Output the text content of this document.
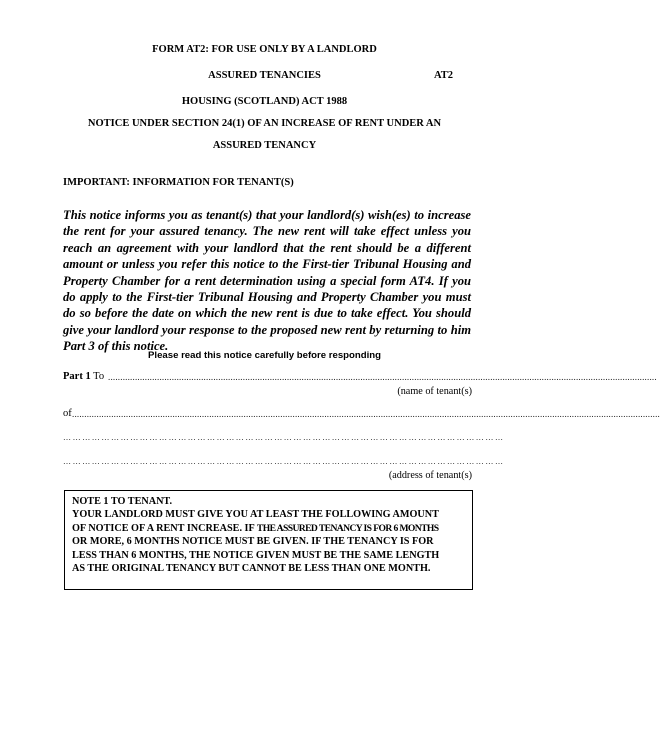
FORM AT2: FOR USE ONLY BY A LANDLORD
ASSURED TENANCIES	AT2
HOUSING (SCOTLAND) ACT 1988
NOTICE UNDER SECTION 24(1) OF AN INCREASE OF RENT UNDER AN
ASSURED TENANCY
IMPORTANT: INFORMATION FOR TENANT(S)
This notice informs you as tenant(s) that your landlord(s) wish(es) to increase the rent for your assured tenancy. The new rent will take effect unless you reach an agreement with your landlord that the rent should be a different amount or unless you refer this notice to the First-tier Tribunal Housing and Property Chamber for a rent determination using a special form AT4. If you do apply to the First-tier Tribunal Housing and Property Chamber you must do so before the date on which the new rent is due to take effect. You should give your landlord your response to the proposed new rent by returning to him Part 3 of this notice.
Please read this notice carefully before responding
Part 1 To ................................................................................................................................................................................................................................
(name of tenant(s)
of ................................................................................................................................................................................................................................................
…………………………………………………………………………………………………………………………
…………………………………………………………………………………………………………………………
(address of tenant(s)
NOTE 1 TO TENANT.
YOUR LANDLORD MUST GIVE YOU AT LEAST THE FOLLOWING AMOUNT
OF NOTICE OF A RENT INCREASE. IF THE ASSURED TENANCY IS FOR 6 MONTHS
OR MORE, 6 MONTHS NOTICE MUST BE GIVEN. IF THE TENANCY IS FOR
LESS THAN 6 MONTHS, THE NOTICE GIVEN MUST BE THE SAME LENGTH
AS THE ORIGINAL TENANCY BUT CANNOT BE LESS THAN ONE MONTH.
